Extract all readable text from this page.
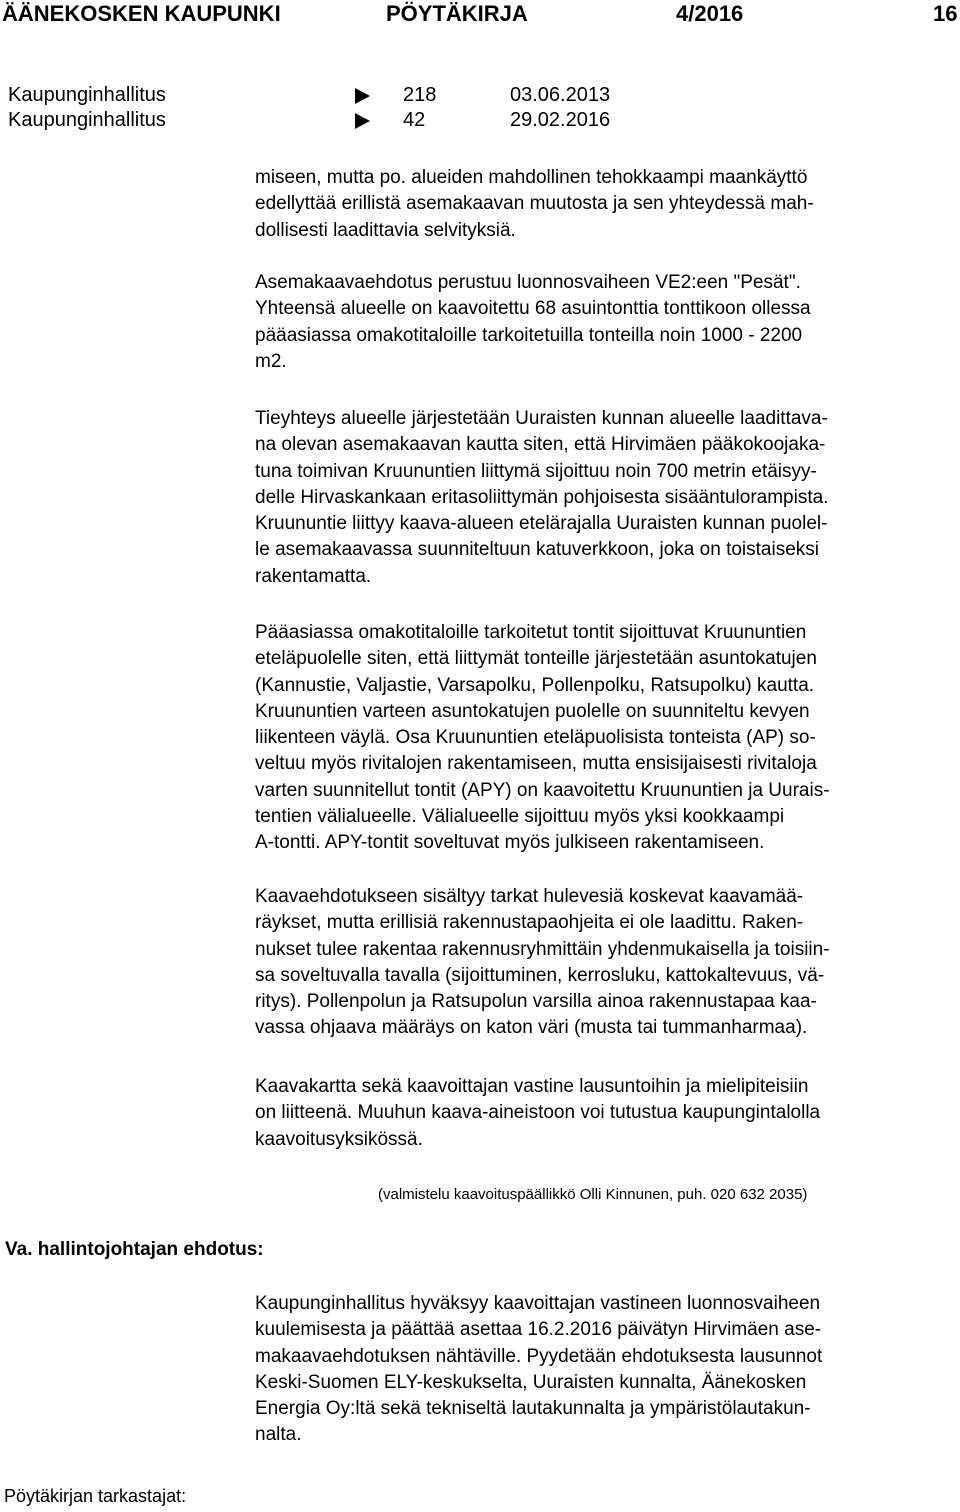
ÄÄNEKOSKEN KAUPUNKI	PÖYTÄKIRJA	4/2016	16
Kaupunginhallitus	218	03.06.2013
Kaupunginhallitus	42	29.02.2016
miseen, mutta po. alueiden mahdollinen tehokkaampi maankäyttö
edellyttää erillistä asemakaavan muutosta ja sen yhteydessä mah-
dollisesti laadittavia selvityksiä.
Asemakaavaehdotus perustuu luonnosvaiheen VE2:een "Pesät".
Yhteensä alueelle on kaavoitettu 68 asuintonttia tonttikoon ollessa
pääasiassa omakotitaloille tarkoitetuilla tonteilla noin 1000 - 2200
m2.
Tieyhteys alueelle järjestetään Uuraisten kunnan alueelle laadittava-
na olevan asemakaavan kautta siten, että Hirvimäen pääkokoojaka-
tuna toimivan Kruununtien liittymä sijoittuu noin 700 metrin etäisyy-
delle Hirvaskankaan eritasoliittymän pohjoisesta sisääntulorampista.
Kruununtie liittyy kaava-alueen etelärajalla Uuraisten kunnan puolel-
le asemakaavassa suunniteltuun katuverkkoon, joka on toistaiseksi
rakentamatta.
Pääasiassa omakotitaloille tarkoitetut tontit sijoittuvat Kruununtien
eteläpuolelle siten, että liittymät tonteille järjestetään asuntokatujen
(Kannustie, Valjastie, Varsapolku, Pollenpolku, Ratsupolku) kautta.
Kruununtien varteen asuntokatujen puolelle on suunniteltu kevyen
liikenteen väylä. Osa Kruununtien eteläpuolisista tonteista (AP) so-
veltuu myös rivitalojen rakentamiseen, mutta ensisijaisesti rivitaloja
varten suunnitellut tontit (APY) on kaavoitettu Kruununtien ja Uurais-
tentien välialueelle. Välialueelle sijoittuu myös yksi kookkaampi
A-tontti. APY-tontit soveltuvat myös julkiseen rakentamiseen.
Kaavaehdotukseen sisältyy tarkat hulevesiä koskevat kaavamää-
räykset, mutta erillisiä rakennustapaohjeita ei ole laadittu. Raken-
nukset tulee rakentaa rakennusryhmittäin yhdenmukaisella ja toisiin-
sa soveltuvalla tavalla (sijoittuminen, kerrosluku, kattokaltevuus, vä-
ritys). Pollenpolun ja Ratsupolun varsilla ainoa rakennustapaa kaa-
vassa ohjaava määräys on katon väri (musta tai tummanharmaa).
Kaavakartta sekä kaavoittajan vastine lausuntoihin ja mielipiteisiin
on liitteenä. Muuhun kaava-aineistoon voi tutustua kaupungintalolla
kaavoitusyksikössä.
(valmistelu kaavoituspäällikkö Olli Kinnunen, puh. 020 632 2035)
Va. hallintojohtajan ehdotus:
Kaupunginhallitus hyväksyy kaavoittajan vastineen luonnosvaiheen
kuulemisesta ja päättää asettaa 16.2.2016 päivätyn Hirvimäen ase-
makaavaehdotuksen nähtäville. Pyydetään ehdotuksesta lausunnot
Keski-Suomen ELY-keskukselta, Uuraisten kunnalta, Äänekosken
Energia Oy:ltä sekä tekniseltä lautakunnalta ja ympäristölautakun-
nalta.
Pöytäkirjan tarkastajat:
